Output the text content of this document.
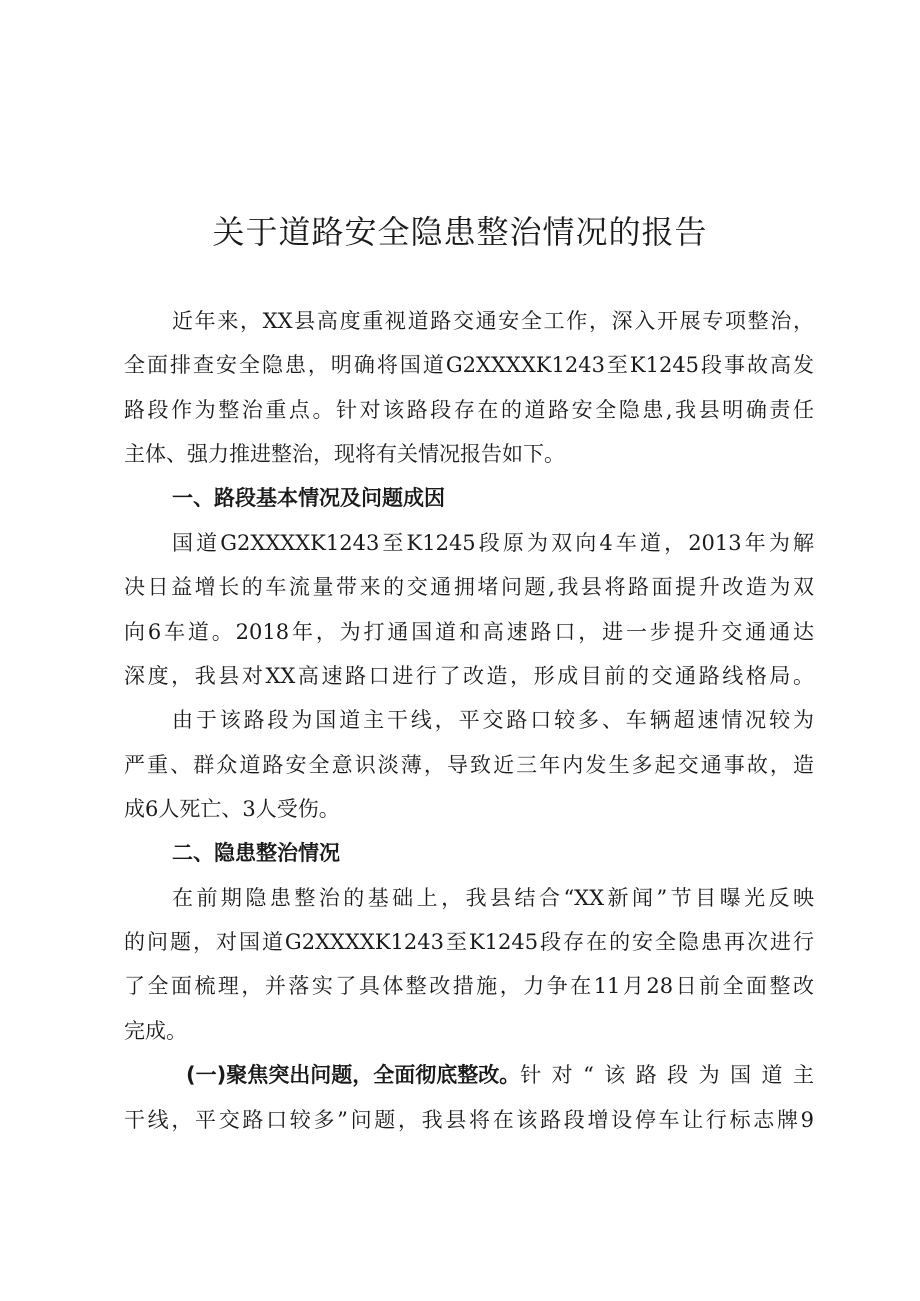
关于道路安全隐患整治情况的报告

近年来，XX县高度重视道路交通安全工作，深入开展专项整治，

全面排查安全隐患，明确将国道G2XXXXK1243至K1245段事故高发

路段作为整治重点。针对该路段存在的道路安全隐患,我县明确责任

主体、强力推进整治，现将有关情况报告如下。

一、路段基本情况及问题成因

国道G2XXXXK1243至K1245段原为双向4车道，2013年为解

决日益增长的车流量带来的交通拥堵问题,我县将路面提升改造为双

向6车道。2018年，为打通国道和高速路口，进一步提升交通通达

深度，我县对XX高速路口进行了改造，形成目前的交通路线格局。

由于该路段为国道主干线，平交路口较多、车辆超速情况较为

严重、群众道路安全意识淡薄，导致近三年内发生多起交通事故，造

成6人死亡、3人受伤。

二、隐患整治情况

在前期隐患整治的基础上，我县结合“XX新闻”节目曝光反映

的问题，对国道G2XXXXK1243至K1245段存在的安全隐患再次进行

了全面梳理，并落实了具体整改措施，力争在11月28日前全面整改

完成。

(一)聚焦突出问题，全面彻底整改。 针对“该路段为国道主

干线，平交路口较多”问题，我县将在该路段增设停车让行标志牌9
